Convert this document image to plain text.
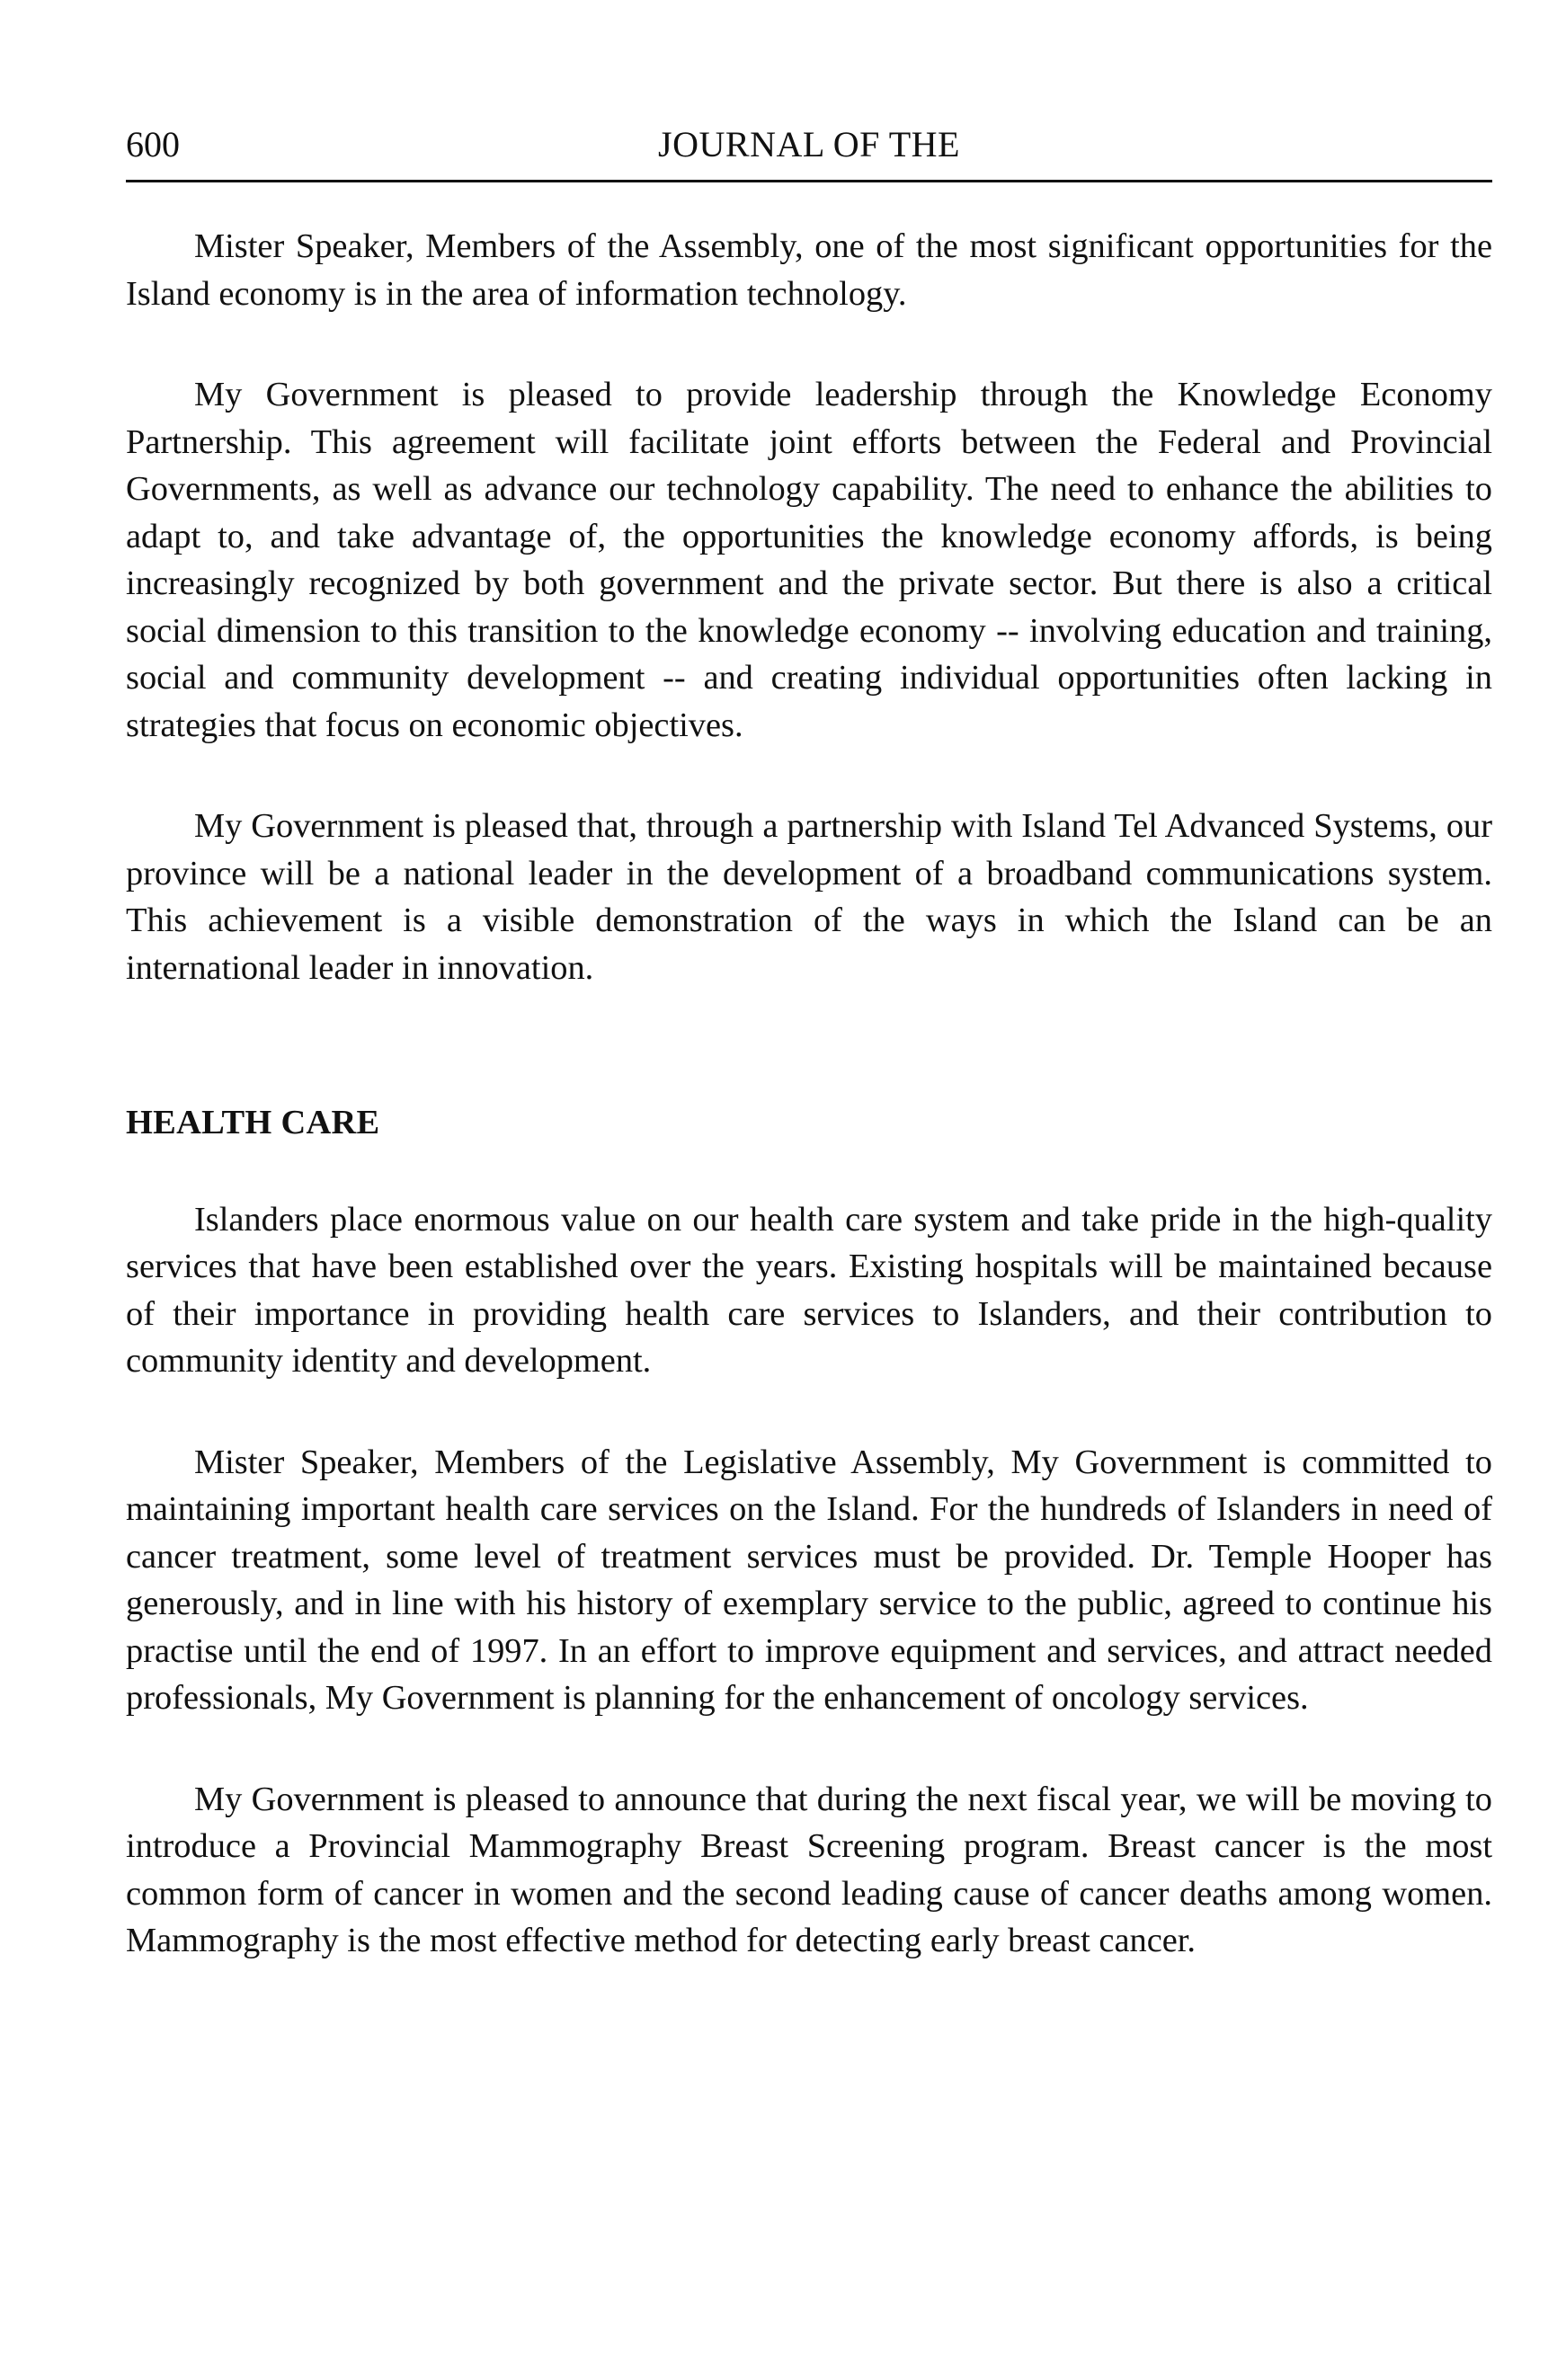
JOURNAL OF THE
600

Mister Speaker, Members of the Assembly, one of the most significant opportunities for the Island economy is in the area of information technology.

My Government is pleased to provide leadership through the Knowledge Economy Partnership. This agreement will facilitate joint efforts between the Federal and Provincial Governments, as well as advance our technology capability. The need to enhance the abilities to adapt to, and take advantage of, the opportunities the knowledge economy affords, is being increasingly recognized by both government and the private sector. But there is also a critical social dimension to this transition to the knowledge economy -- involving education and training, social and community development -- and creating individual opportunities often lacking in strategies that focus on economic objectives.

My Government is pleased that, through a partnership with Island Tel Advanced Systems, our province will be a national leader in the development of a broadband communications system. This achievement is a visible demonstration of the ways in which the Island can be an international leader in innovation.

HEALTH CARE

Islanders place enormous value on our health care system and take pride in the high-quality services that have been established over the years. Existing hospitals will be maintained because of their importance in providing health care services to Islanders, and their contribution to community identity and development.

Mister Speaker, Members of the Legislative Assembly, My Government is committed to maintaining important health care services on the Island. For the hundreds of Islanders in need of cancer treatment, some level of treatment services must be provided. Dr. Temple Hooper has generously, and in line with his history of exemplary service to the public, agreed to continue his practise until the end of 1997. In an effort to improve equipment and services, and attract needed professionals, My Government is planning for the enhancement of oncology services.

My Government is pleased to announce that during the next fiscal year, we will be moving to introduce a Provincial Mammography Breast Screening program. Breast cancer is the most common form of cancer in women and the second leading cause of cancer deaths among women. Mammography is the most effective method for detecting early breast cancer.
